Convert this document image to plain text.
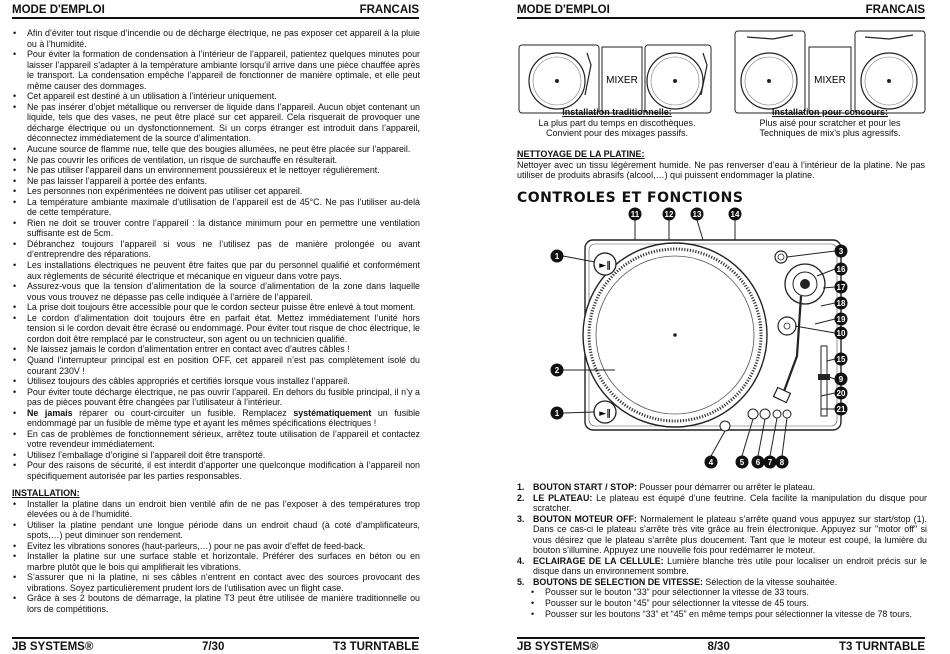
MODE D'EMPLOI	FRANCAIS
• Afin d’éviter tout risque d’incendie ou de décharge électrique, ne pas exposer cet appareil à la pluie ou à l’humidité.
• Pour éviter la formation de condensation à l’intérieur de l’appareil, patientez quelques minutes pour laisser l’appareil s’adapter à la température ambiante lorsqu’il arrive dans une pièce chauffée après le transport. La condensation empêche l’appareil de fonctionner de manière optimale, et elle peut même causer des dommages.
• Cet appareil est destiné à un utilisation à l’intérieur uniquement.
• Ne pas insérer d’objet métallique ou renverser de liquide dans l’appareil. Aucun objet contenant un liquide, tels que des vases, ne peut être placé sur cet appareil. Cela risquerait de provoquer une décharge électrique ou un dysfonctionnement. Si un corps étranger est introduit dans l’appareil, déconnectez immédiatement de la source d’alimentation.
• Aucune source de flamme nue, telle que des bougies allumées, ne peut être placée sur l’appareil.
• Ne pas couvrir les orifices de ventilation, un risque de surchauffe en résulterait.
• Ne pas utiliser l’appareil dans un environnement poussiéreux et le nettoyer régulièrement.
• Ne pas laisser l’appareil à portée des enfants.
• Les personnes non expérimentées ne doivent pas utiliser cet appareil.
• La température ambiante maximale d’utilisation de l’appareil est de 45°C. Ne pas l’utiliser au-delà de cette température.
• Rien ne doit se trouver contre l’appareil : la distance minimum pour en permettre une ventilation suffisante est de 5cm.
• Débranchez toujours l’appareil si vous ne l’utilisez pas de manière prolongée ou avant d’entreprendre des réparations.
• Les installations électriques ne peuvent être faites que par du personnel qualifié et conformément aux règlements de sécurité électrique et mécanique en vigueur dans votre pays.
• Assurez-vous que la tension d’alimentation de la source d’alimentation de la zone dans laquelle vous vous trouvez ne dépasse pas celle indiquée à l’arrière de l’appareil.
• La prise doit toujours être accessible pour que le cordon secteur puisse être enlevé à tout moment.
• Le cordon d’alimentation doit toujours être en parfait état. Mettez immédiatement l’unité hors tension si le cordon devait être écrasé ou endommagé. Pour éviter tout risque de choc électrique, le cordon doit être remplacé par le constructeur, son agent ou un technicien qualifié.
• Ne laissez jamais le cordon d’alimentation entrer en contact avec d’autres câbles !
• Quand l’interrupteur principal est en position OFF, cet appareil n’est pas complètement isolé du courant 230V !
• Utilisez toujours des câbles appropriés et certifiés lorsque vous installez l’appareil.
• Pour éviter toute décharge électrique, ne pas ouvrir l’appareil. En dehors du fusible principal, il n’y a pas de pièces pouvant être changées par l’utilisateur à l’intérieur.
• Ne jamais réparer ou court-circuiter un fusible. Remplacez systématiquement un fusible endommagé par un fusible de même type et ayant les mêmes spécifications électriques !
• En cas de problèmes de fonctionnement sérieux, arrêtez toute utilisation de l’appareil et contactez votre revendeur immédiatement.
• Utilisez l’emballage d’origine si l’appareil doit être transporté.
• Pour des raisons de sécurité, il est interdit d’apporter une quelconque modification à l’appareil non spécifiquement autorisée par les parties responsables.
INSTALLATION:
• Installer la platine dans un endroit bien ventilé afin de ne pas l’exposer à des températures trop élevées ou à de l’humidité.
• Utiliser la platine pendant une longue période dans un endroit chaud (à coté d’amplificateurs, spots,…) peut diminuer son rendement.
• Evitez les vibrations sonores (haut-parleurs,…) pour ne pas avoir d’effet de feed-back.
• Installer la platine sur une surface stable et horizontale. Préférer des surfaces en béton ou en marbre plutôt que le bois qui amplifierait les vibrations.
• S’assurer que ni la platine, ni ses câbles n’entrent en contact avec des sources provocant des vibrations. Soyez particulièrement prudent lors de l’utilisation avec un flight case.
• Grâce à ses 2 boutons de démarrage, la platine T3 peut être utilisée de manière traditionnelle ou lors de compétitions.
JB SYSTEMS®	7/30	T3 TURNTABLE
MODE D'EMPLOI	FRANCAIS
MIXER	MIXER
Installation traditionnelle:
La plus part du temps en discothèques.
Convient pour des mixages passifs.
Installation pour concours:
Plus aisé pour scratcher et pour les
Techniques de mix’s plus agressifs.
NETTOYAGE DE LA PLATINE:
Nettoyer avec un tissu légèrement humide. Ne pas renverser d’eau à l’intérieur de la platine. Ne pas utiliser de produits abrasifs (alcool,…) qui puissent endommager la platine.
CONTROLES ET FONCTIONS
►‖
►‖
11	12 13	14
1
2
1
3
16
17
18
19
10
15
9
20
21
4	5 6 7 8
1. BOUTON START / STOP: Pousser pour démarrer ou arrêter le plateau.
2. LE PLATEAU: Le plateau est équipé d’une feutrine. Cela facilite la manipulation du disque pour scratcher.
3. BOUTON MOTEUR OFF: Normalement le plateau s’arrête quand vous appuyez sur start/stop (1). Dans ce cas-ci le plateau s’arrête très vite grâce au frein électronique. Appuyez sur "motor off" si vous désirez que le plateau s’arrête plus doucement. Tant que le moteur est coupé, la lumière du bouton s’illumine. Appuyez une nouvelle fois pour redémarrer le moteur.
4. ECLAIRAGE DE LA CELLULE: Lumière blanche très utile pour localiser un endroit précis sur le disque dans un environnement sombre.
5. BOUTONS DE SELECTION DE VITESSE: Sélection de la vitesse souhaitée.
• Pousser sur le bouton “33” pour sélectionner la vitesse de 33 tours.
• Pousser sur le bouton “45” pour sélectionner la vitesse de 45 tours.
• Pousser sur les boutons “33” et “45” en même temps pour sélectionner la vitesse de 78 tours.
JB SYSTEMS®	8/30	T3 TURNTABLE
